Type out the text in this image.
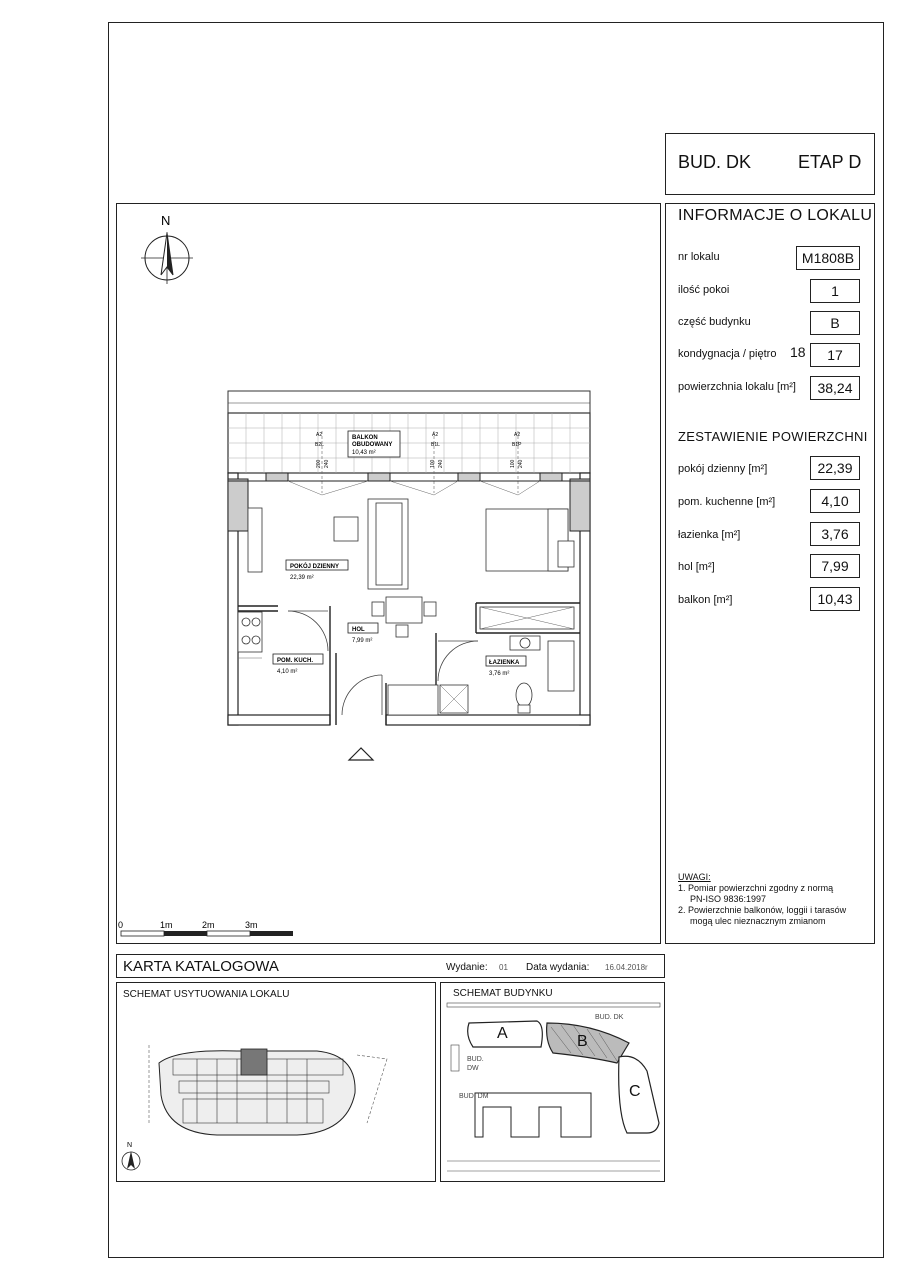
BUD. DK	ETAP D
INFORMACJE O LOKALU
nr lokalu	M1808B
ilość pokoi	1
część budynku	B
kondygnacja / piętro 18	17
powierzchnia lokalu [m²]	38,24
ZESTAWIENIE POWIERZCHNI
pokój dzienny [m²]	22,39
pom. kuchenne [m²]	4,10
łazienka [m²]	3,76
hol [m²]	7,99
balkon [m²]	10,43
UWAGI:
1. Pomiar powierzchni zgodny z normą
PN-ISO 9836:1997
2. Powierzchnie balkonów, loggii i tarasów
mogą ulec nieznacznym zmianom
N
BALKON
OBUDOWANY
10,43 m²
A2
B2L
200 240
A2
B1L
100 240
A2
B1P
100 240
POKÓJ DZIENNY
22,39 m²
HOL
7,99 m²
POM. KUCH.
4,10 m²
ŁAZIENKA
3,76 m²
0	1m	2m	3m
KARTA KATALOGOWA	Wydanie: 01 Data wydania: 16.04.2018r
SCHEMAT USYTUOWANIA LOKALU
N
SCHEMAT BUDYNKU
A	B
C
BUD. DK
BUD.
DW
BUD. DM
